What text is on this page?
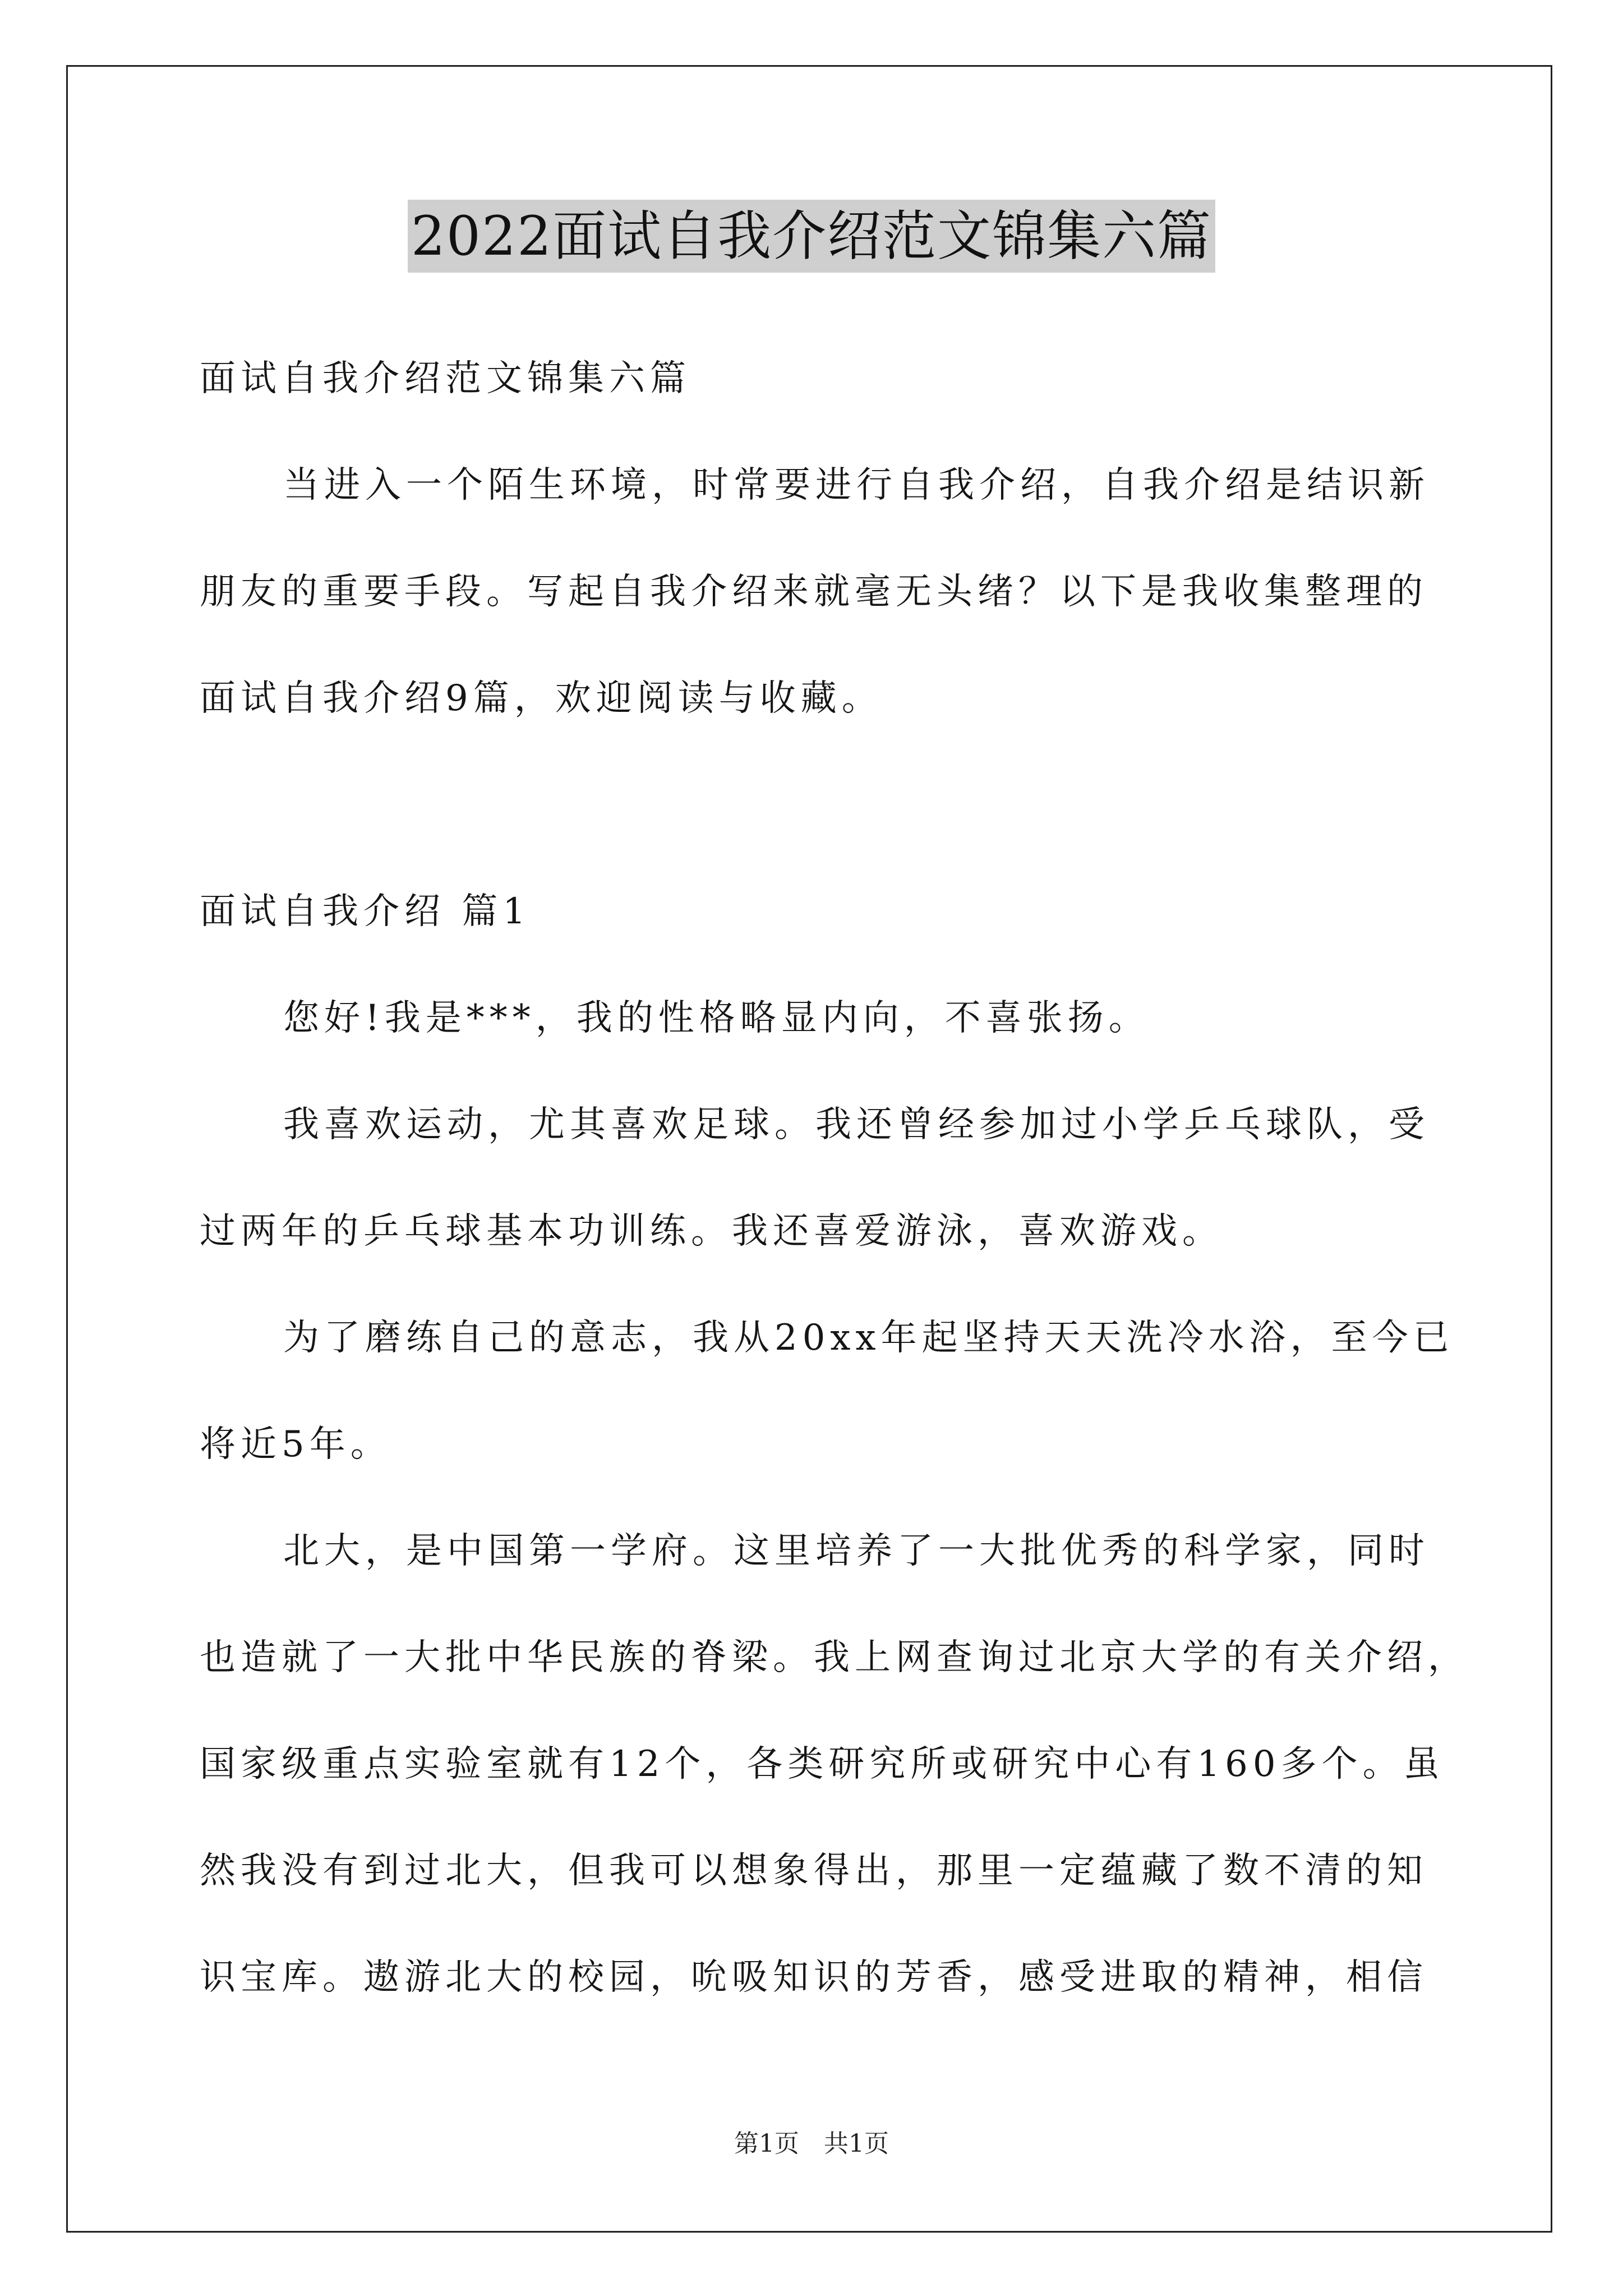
2022面试自我介绍范文锦集六篇
面试自我介绍范文锦集六篇
当进入一个陌生环境，时常要进行自我介绍，自我介绍是结识新
朋友的重要手段。写起自我介绍来就毫无头绪？以下是我收集整理的
面试自我介绍9篇，欢迎阅读与收藏。
面试自我介绍 篇1
您好!我是***，我的性格略显内向，不喜张扬。
我喜欢运动，尤其喜欢足球。我还曾经参加过小学乒乓球队，受
过两年的乒乓球基本功训练。我还喜爱游泳，喜欢游戏。
为了磨练自己的意志，我从20xx年起坚持天天洗冷水浴，至今已
将近5年。
北大，是中国第一学府。这里培养了一大批优秀的科学家，同时
也造就了一大批中华民族的脊梁。我上网查询过北京大学的有关介绍，
国家级重点实验室就有12个，各类研究所或研究中心有160多个。虽
然我没有到过北大，但我可以想象得出，那里一定蕴藏了数不清的知
识宝库。遨游北大的校园，吮吸知识的芳香，感受进取的精神，相信
第1页　共1页
